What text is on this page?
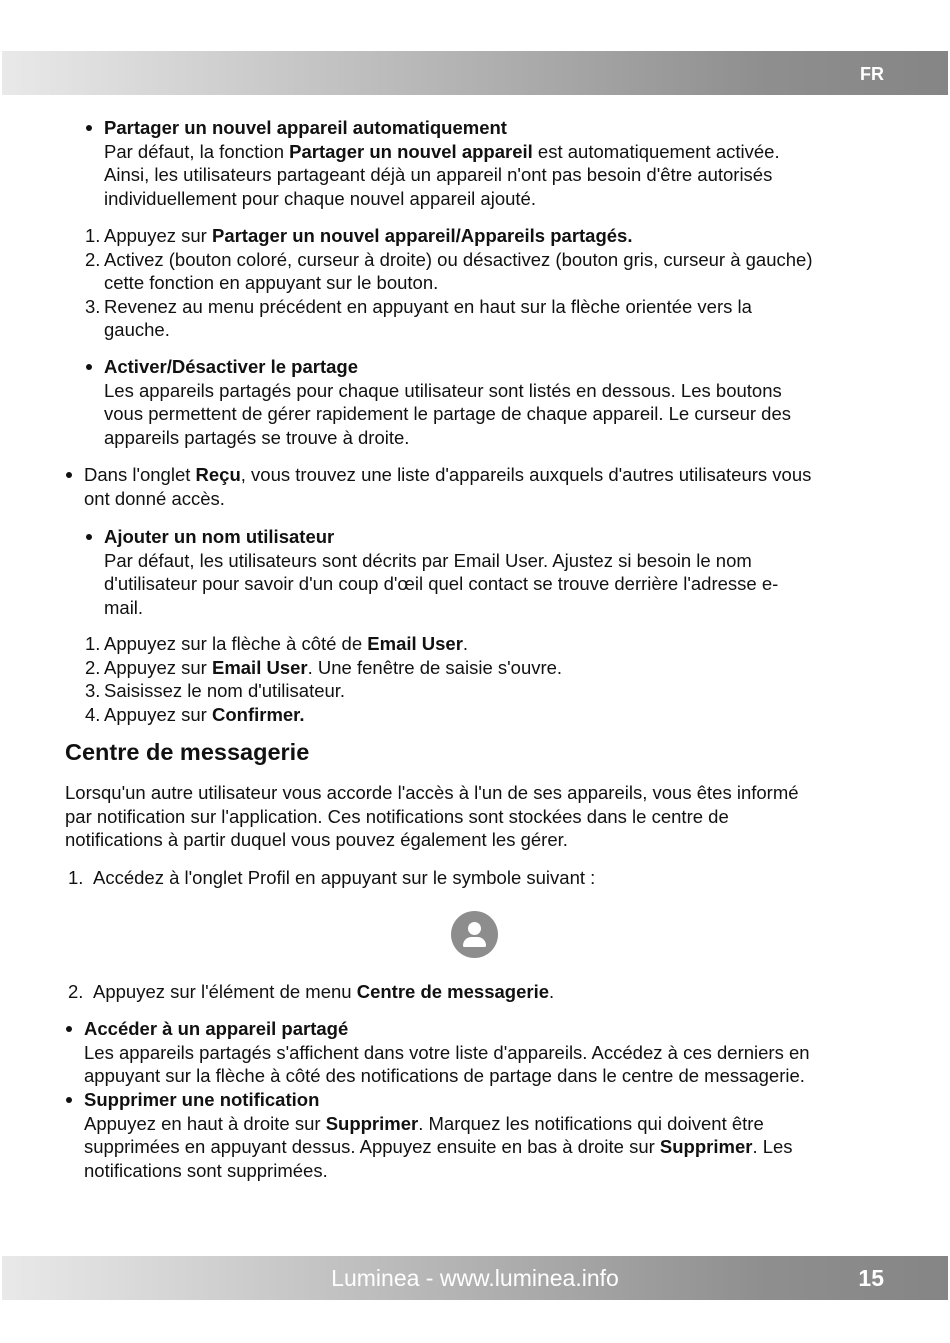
FR
Partager un nouvel appareil automatiquement
Par défaut, la fonction Partager un nouvel appareil est automatiquement activée.
Ainsi, les utilisateurs partageant déjà un appareil n'ont pas besoin d'être autorisés
individuellement pour chaque nouvel appareil ajouté.
1. Appuyez sur Partager un nouvel appareil/Appareils partagés.
2. Activez (bouton coloré, curseur à droite) ou désactivez (bouton gris, curseur à gauche)
cette fonction en appuyant sur le bouton.
3. Revenez au menu précédent en appuyant en haut sur la flèche orientée vers la
gauche.
Activer/Désactiver le partage
Les appareils partagés pour chaque utilisateur sont listés en dessous. Les boutons
vous permettent de gérer rapidement le partage de chaque appareil. Le curseur des
appareils partagés se trouve à droite.
Dans l'onglet Reçu, vous trouvez une liste d'appareils auxquels d'autres utilisateurs vous
ont donné accès.
Ajouter un nom utilisateur
Par défaut, les utilisateurs sont décrits par Email User. Ajustez si besoin le nom
d'utilisateur pour savoir d'un coup d'œil quel contact se trouve derrière l'adresse e-
mail.
1. Appuyez sur la flèche à côté de Email User.
2. Appuyez sur Email User. Une fenêtre de saisie s'ouvre.
3. Saisissez le nom d'utilisateur.
4. Appuyez sur Confirmer.
Centre de messagerie
Lorsqu'un autre utilisateur vous accorde l'accès à l'un de ses appareils, vous êtes informé
par notification sur l'application. Ces notifications sont stockées dans le centre de
notifications à partir duquel vous pouvez également les gérer.
1. Accédez à l'onglet Profil en appuyant sur le symbole suivant :
2. Appuyez sur l'élément de menu Centre de messagerie.
Accéder à un appareil partagé
Les appareils partagés s'affichent dans votre liste d'appareils. Accédez à ces derniers en
appuyant sur la flèche à côté des notifications de partage dans le centre de messagerie.
Supprimer une notification
Appuyez en haut à droite sur Supprimer. Marquez les notifications qui doivent être
supprimées en appuyant dessus. Appuyez ensuite en bas à droite sur Supprimer. Les
notifications sont supprimées.
Luminea - www.luminea.info	15
